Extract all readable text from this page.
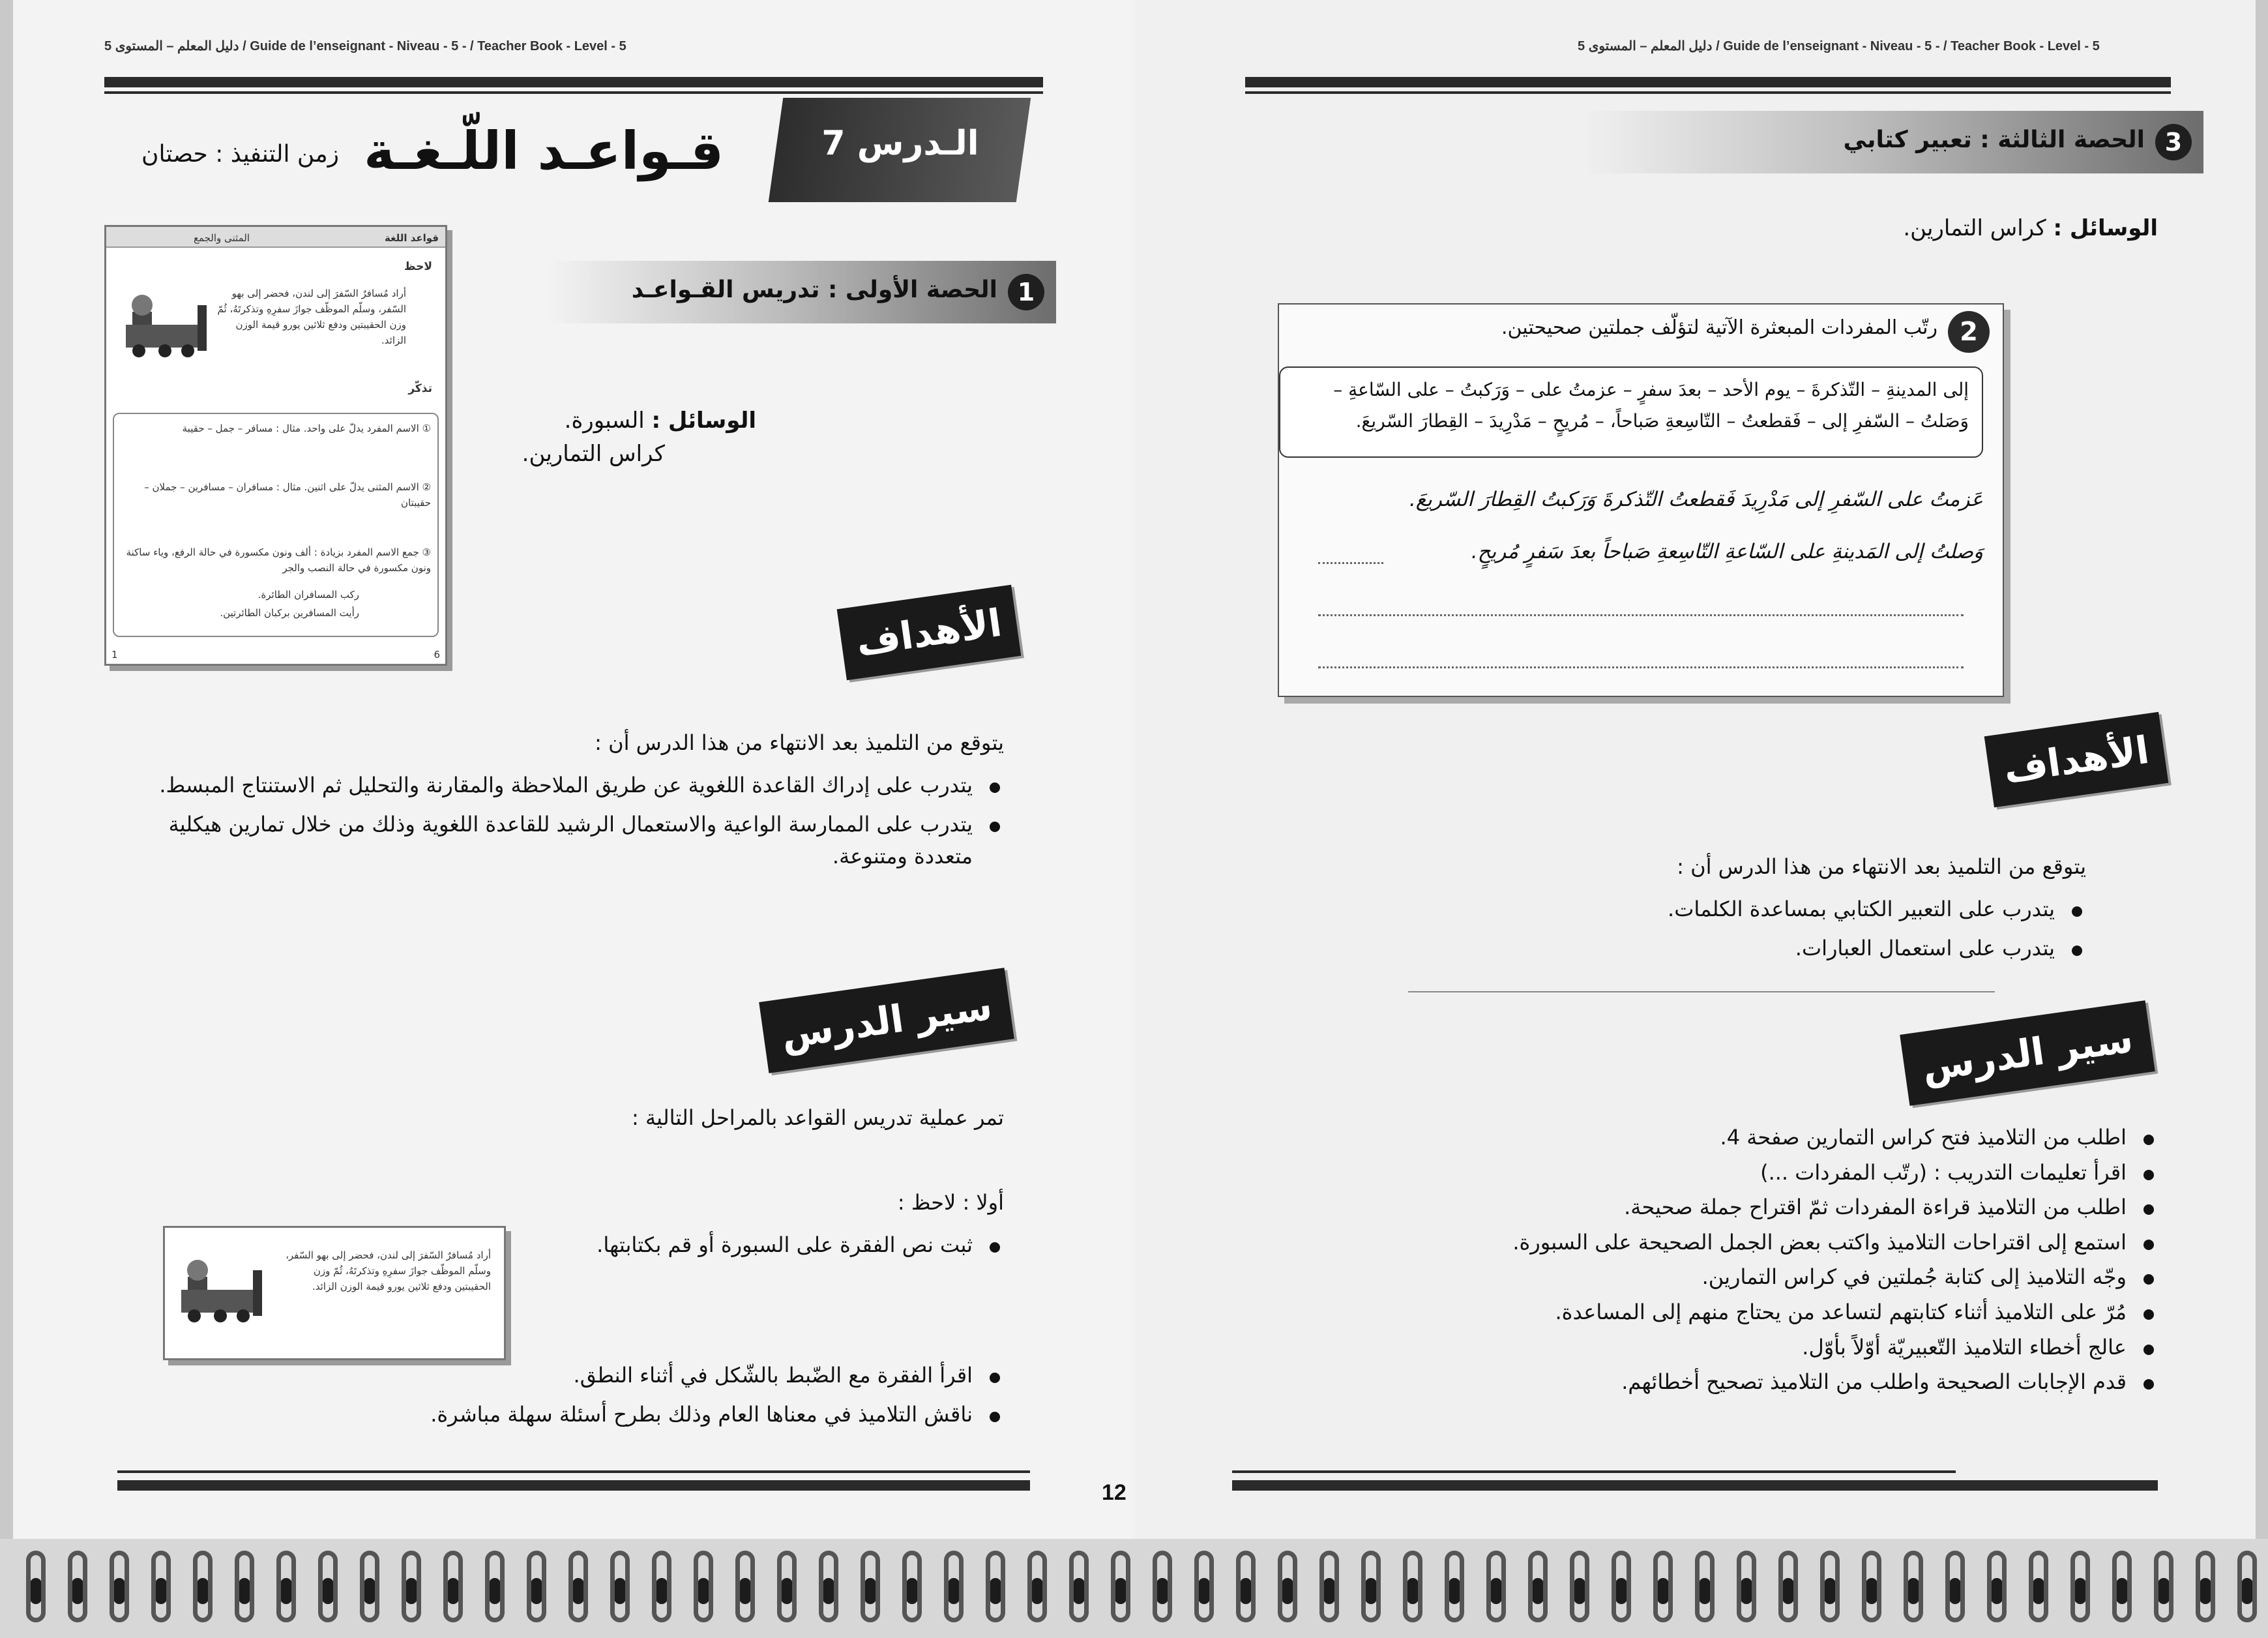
5 دليل المعلم – المستوى / Guide de l’enseignant - Niveau - 5 - / Teacher Book - Level - 5
الـدرس 7
قـواعـد اللّـغـة
زمن التنفيذ : حصتان
قواعد اللغة
المثنى والجمع
لاحظ
أراد مُسافرٌ السّفرَ إلى لندن، فحضر إلى بهو السّفر، وسلّم الموظّف جوازَ سفرِهِ وتذكرتَهُ، ثُمّ وزن الحقيبتين ودفع ثلاثين يورو قيمة الوزن الزائد.
تذكّر
① الاسم المفرد يدلّ على واحد. مثال : مسافر – جمل – حقيبة
② الاسم المثنى يدلّ على اثنين. مثال : مسافران – مسافرين – جملان – حقيبتان
③ جمع الاسم المفرد بزيادة : ألف ونون مكسورة في حالة الرفع، وياء ساكنة ونون مكسورة في حالة النصب والجر
ركب المسافران الطائرة.
رأيت المسافرين بركبان الطائرتين.
6
1
1
الحصة الأولى : تدريس القـواعـد
الوسائل : السبورة.
كراس التمارين.
الأهداف
يتوقع من التلميذ بعد الانتهاء من هذا الدرس أن :
يتدرب على إدراك القاعدة اللغوية عن طريق الملاحظة والمقارنة والتحليل ثم الاستنتاج المبسط.
يتدرب على الممارسة الواعية والاستعمال الرشيد للقاعدة اللغوية وذلك من خلال تمارين هيكلية متعددة ومتنوعة.
سير الدرس
تمر عملية تدريس القواعد بالمراحل التالية :
أولا : لاحظ :
ثبت نص الفقرة على السبورة أو قم بكتابتها.
أراد مُسافرٌ السّفرَ إلى لندن، فحضر إلى بهو السّفر، وسلّم الموظّف جوازَ سفرِهِ وتذكرتَهُ، ثُمّ وزن الحقيبتين ودفع ثلاثين يورو قيمة الوزن الزائد.
اقرأ الفقرة مع الضّبط بالشّكل في أثناء النطق.
ناقش التلاميذ في معناها العام وذلك بطرح أسئلة سهلة مباشرة.
12
5 دليل المعلم – المستوى / Guide de l’enseignant - Niveau - 5 - / Teacher Book - Level - 5
3
الحصة الثالثة : تعبير كتابي
الوسائل : كراس التمارين.
2
رتّب المفردات المبعثرة الآتية لتؤلّف جملتين صحيحتين.
إلى المدينةِ – التّذكرةَ – يوم الأحد – بعدَ سفرٍ – عزمتُ على – وَرَكبتُ – على السّاعةِ –
وَصَلتُ – السّفرِ إلى – فَقطعتُ – التّاسِعةِ صَباحاً، – مُريحٍ – مَدْرِيدَ – القِطارَ السّريعَ.
عَزمتُ على السّفرِ إلى مَدْرِيدَ فَقطعتُ التّذكرةَ وَرَكبتُ القِطارَ السّريعَ.
وَصلتُ إلى المَدينةِ على السّاعةِ التّاسِعةِ صَباحاً بعدَ سَفرٍ مُريحٍ.
الأهداف
يتوقع من التلميذ بعد الانتهاء من هذا الدرس أن :
يتدرب على التعبير الكتابي بمساعدة الكلمات.
يتدرب على استعمال العبارات.
سير الدرس
اطلب من التلاميذ فتح كراس التمارين صفحة 4.
اقرأ تعليمات التدريب : (رتّب المفردات ...)
اطلب من التلاميذ قراءة المفردات ثمّ اقتراح جملة صحيحة.
استمع إلى اقتراحات التلاميذ واكتب بعض الجمل الصحيحة على السبورة.
وجّه التلاميذ إلى كتابة جُملتين في كراس التمارين.
مُرّ على التلاميذ أثناء كتابتهم لتساعد من يحتاج منهم إلى المساعدة.
عالج أخطاء التلاميذ التّعبيريّة أوّلاً بأوّل.
قدم الإجابات الصحيحة واطلب من التلاميذ تصحيح أخطائهم.
